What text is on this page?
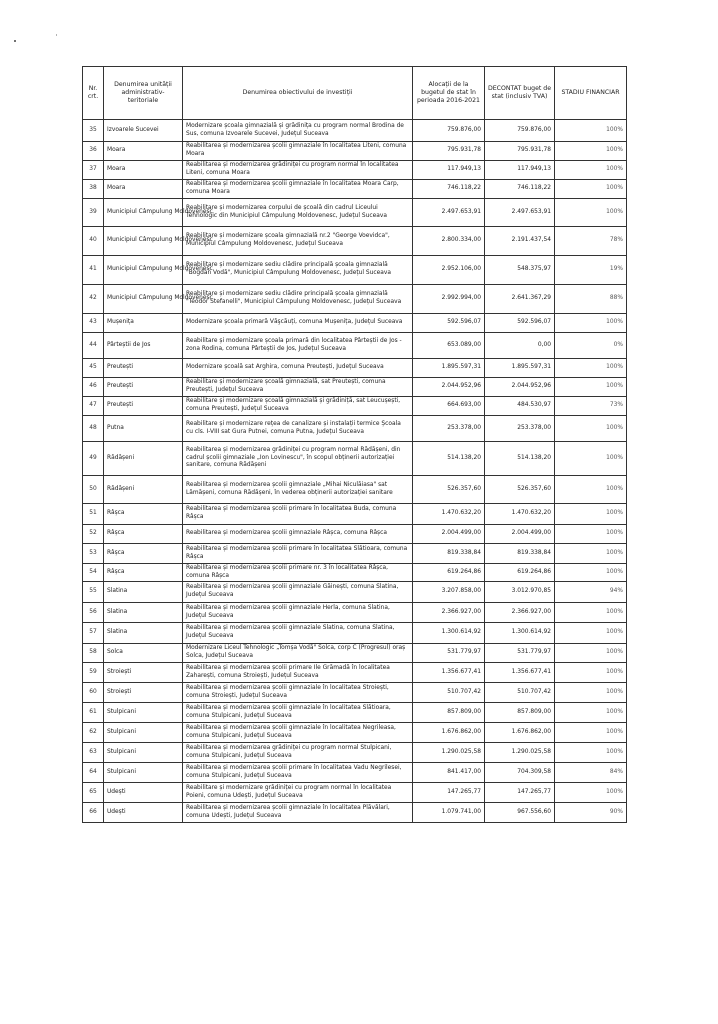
Nr. crt.	Denumirea unității administrativ-teritoriale	Denumirea obiectivului de investiții	Alocații de la bugetul de stat în perioada 2016-2021	DECONTAT buget de stat (inclusiv TVA)	STADIU FINANCIAR
35	Izvoarele Sucevei	Modernizare școala gimnazială și grădinița cu program normal Brodina de Sus, comuna Izvoarele Sucevei, Județul Suceava	759.876,00	759.876,00	100%
36	Moara	Reabilitarea și modernizarea școlii gimnaziale în localitatea Liteni, comuna Moara	795.931,78	795.931,78	100%
37	Moara	Reabilitarea și modernizarea grădiniței cu program normal în localitatea Liteni, comuna Moara	117.949,13	117.949,13	100%
38	Moara	Reabilitarea și modernizarea școlii gimnaziale în localitatea Moara Carp, comuna Moara	746.118,22	746.118,22	100%
39	Municipiul Câmpulung Moldovenesc	Reabilitare și modernizarea corpului de școală din cadrul Liceului Tehnologic din Municipiul Câmpulung Moldovenesc, Județul Suceava	2.497.653,91	2.497.653,91	100%
40	Municipiul Câmpulung Moldovenesc	Reabilitare și modernizare școala gimnazială nr.2 "George Voevidca", Municipiul Câmpulung Moldovenesc, Județul Suceava	2.800.334,00	2.191.437,54	78%
41	Municipiul Câmpulung Moldovenesc	Reabilitare și modernizare sediu clădire principală școala gimnazială "Bogdan Vodă", Municipiul Câmpulung Moldovenesc, Județul Suceava	2.952.106,00	548.375,97	19%
42	Municipiul Câmpulung Moldovenesc	Reabilitare și modernizare sediu clădire principală școala gimnazială "Teodor Stefanelli", Municipiul Câmpulung Moldovenesc, Județul Suceava	2.992.994,00	2.641.367,29	88%
43	Mușenița	Modernizare școala primară Văşcăuți, comuna Mușenița, Județul Suceava	592.596,07	592.596,07	100%
44	Pârteștii de Jos	Reabilitare și modernizare școala primară din localitatea Pârteștii de Jos - zona Rodina, comuna Pârteștii de Jos, Județul Suceava	653.089,00	0,00	0%
45	Preutești	Modernizare școală sat Arghira, comuna Preutești, Județul Suceava	1.895.597,31	1.895.597,31	100%
46	Preutești	Reabilitare și modernizare școală gimnazială, sat Preutești, comuna Preutești, Județul Suceava	2.044.952,96	2.044.952,96	100%
47	Preutești	Reabilitare și modernizare școală gimnazială și grădiniță, sat Leucușești, comuna Preutești, Județul Suceava	664.693,00	484.530,97	73%
48	Putna	Reabilitare și modernizare rețea de canalizare și instalații termice Școala cu cls. I-VIII sat Gura Putnei, comuna Putna, Județul Suceava	253.378,00	253.378,00	100%
49	Rădășeni	Reabilitarea și modernizarea grădiniței cu program normal Rădășeni, din cadrul școlii gimnaziale „Ion Lovinescu", în scopul obținerii autorizației sanitare, comuna Rădășeni	514.138,20	514.138,20	100%
50	Rădășeni	Reabilitarea și modernizarea școlii gimnaziale „Mihai Niculăiasa" sat Lămășeni, comuna Rădășeni, în vederea obținerii autorizației sanitare	526.357,60	526.357,60	100%
51	Râșca	Reabilitarea și modernizarea școlii primare în localitatea Buda, comuna Râșca	1.470.632,20	1.470.632,20	100%
52	Râșca	Reabilitarea și modernizarea școlii gimnaziale Râșca, comuna Râșca	2.004.499,00	2.004.499,00	100%
53	Râșca	Reabilitarea și modernizarea școlii primare în localitatea Slătioara, comuna Râșca	819.338,84	819.338,84	100%
54	Râșca	Reabilitarea și modernizarea școlii primare nr. 3 în localitatea Râșca, comuna Râșca	619.264,86	619.264,86	100%
55	Slatina	Reabilitarea și modernizarea școlii gimnaziale Găinești, comuna Slatina, Județul Suceava	3.207.858,00	3.012.970,85	94%
56	Slatina	Reabilitarea și modernizarea școlii gimnaziale Herla, comuna Slatina, Județul Suceava	2.366.927,00	2.366.927,00	100%
57	Slatina	Reabilitarea și modernizarea școlii gimnaziale Slatina, comuna Slatina, Județul Suceava	1.300.614,92	1.300.614,92	100%
58	Solca	Modernizare Liceul Tehnologic „Tomșa Vodă" Solca, corp C (Progresul) oraș Solca, Județul Suceava	531.779,97	531.779,97	100%
59	Stroiești	Reabilitarea și modernizarea școlii primare Ile Grămadă în localitatea Zaharești, comuna Stroiești, Județul Suceava	1.356.677,41	1.356.677,41	100%
60	Stroiești	Reabilitarea și modernizarea școlii gimnaziale în localitatea Stroiești, comuna Stroiești, Județul Suceava	510.707,42	510.707,42	100%
61	Stulpicani	Reabilitarea și modernizarea școlii gimnaziale în localitatea Slătioara, comuna Stulpicani, Județul Suceava	857.809,00	857.809,00	100%
62	Stulpicani	Reabilitarea și modernizarea școlii gimnaziale în localitatea Negrileasa, comuna Stulpicani, Județul Suceava	1.676.862,00	1.676.862,00	100%
63	Stulpicani	Reabilitarea și modernizarea grădiniței cu program normal Stulpicani, comuna Stulpicani, Județul Suceava	1.290.025,58	1.290.025,58	100%
64	Stulpicani	Reabilitarea și modernizarea școlii primare în localitatea Vadu Negrilesei, comuna Stulpicani, Județul Suceava	841.417,00	704.309,58	84%
65	Udești	Reabilitare și modernizare grădiniței cu program normal în localitatea Poieni, comuna Udești, Județul Suceava	147.265,77	147.265,77	100%
66	Udești	Reabilitarea și modernizarea școlii gimnaziale în localitatea Plăvălari, comuna Udești, Județul Suceava	1.079.741,00	967.556,60	90%
